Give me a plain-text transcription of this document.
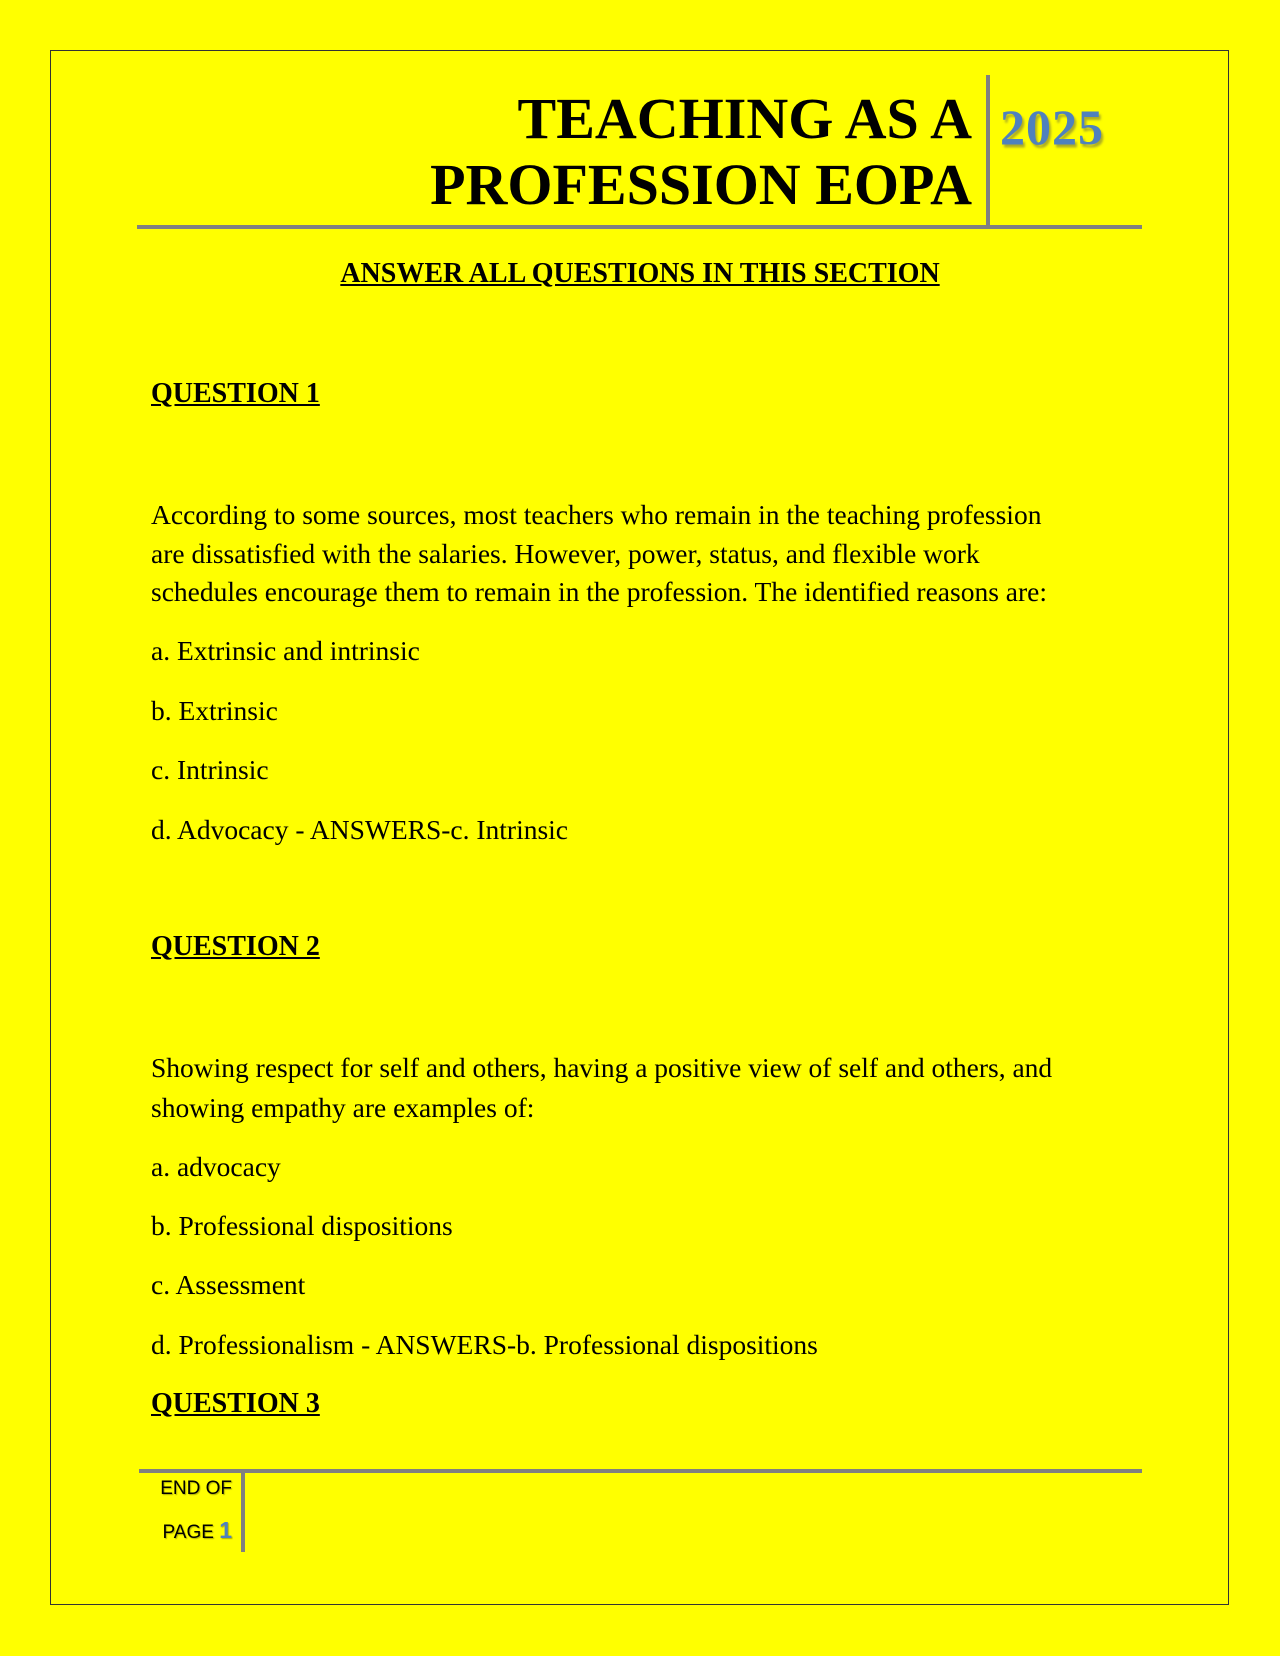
TEACHING AS A
PROFESSION EOPA
2025
ANSWER ALL QUESTIONS IN THIS SECTION
QUESTION 1
According to some sources, most teachers who remain in the teaching profession
are dissatisfied with the salaries. However, power, status, and flexible work
schedules encourage them to remain in the profession. The identified reasons are:
a. Extrinsic and intrinsic
b. Extrinsic
c. Intrinsic
d. Advocacy - ANSWERS-c. Intrinsic
QUESTION 2
Showing respect for self and others, having a positive view of self and others, and
showing empathy are examples of:
a. advocacy
b. Professional dispositions
c. Assessment
d. Professionalism - ANSWERS-b. Professional dispositions
QUESTION 3
END OF
PAGE 1
